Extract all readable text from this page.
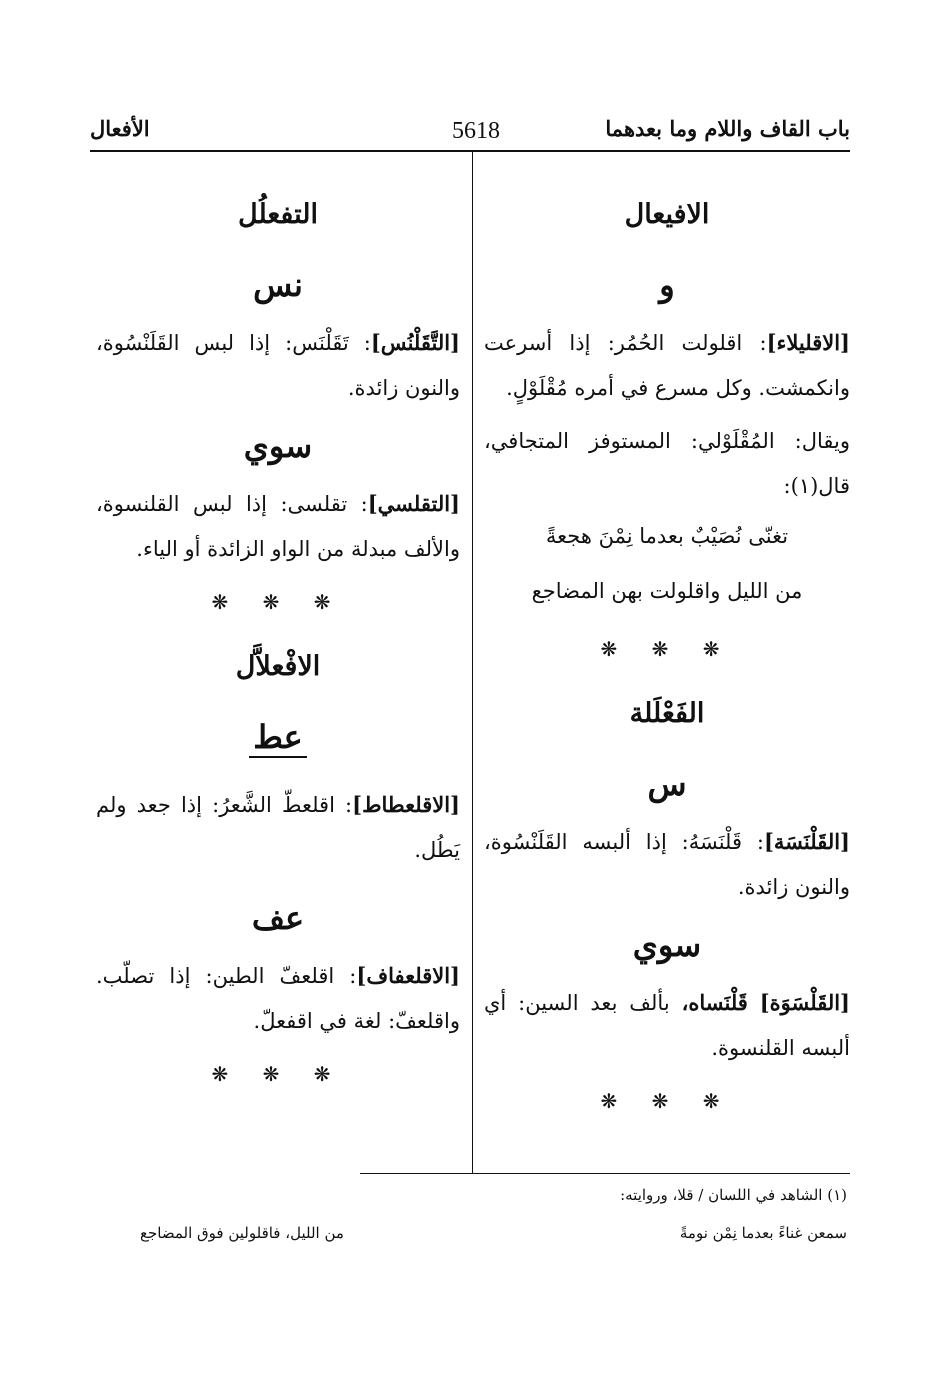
باب القاف واللام وما بعدهما
5618
الأفعال
الافيعال
و

[الاقليلاء]: اقلولت الحُمُر: إذا أسرعت وانكمشت. وكل مسرع في أمره مُقْلَوْلٍ.

ويقال: المُقْلَوْلي: المستوفز المتجافي، قال(١):

تغنّى نُصَيْبٌ بعدما نِمْنَ هجعةً
من الليل واقلولت بهن المضاجع
❋ ❋ ❋
الفَعْلَلة
س

[القَلْنَسَة]: قَلْنَسَهُ: إذا ألبسه القَلَنْسُوة، والنون زائدة.

سوي

[القَلْسَوَة] قَلْنَساه، بألف بعد السين: أي ألبسه القلنسوة.

❋ ❋ ❋
التفعلُل
نس

[التَّقَلْنُس]: تَقَلْنَس: إذا لبس القَلَنْسُوة، والنون زائدة.

سوي

[التقلسي]: تقلسى: إذا لبس القلنسوة، والألف مبدلة من الواو الزائدة أو الياء.

❋ ❋ ❋
الافْعلاَّل
عط

[الاقلعطاط]: اقلعطّ الشَّعرُ: إذا جعد ولم يَطُل.

عف

[الاقلعفاف]: اقلعفّ الطين: إذا تصلّب. واقلعفّ: لغة في اقفعلّ.

❋ ❋ ❋
(١) الشاهد في اللسان / قلا، وروايته:
سمعن غناءً بعدما نِمْن نومةً
من الليل، فاقلولين فوق المضاجع
